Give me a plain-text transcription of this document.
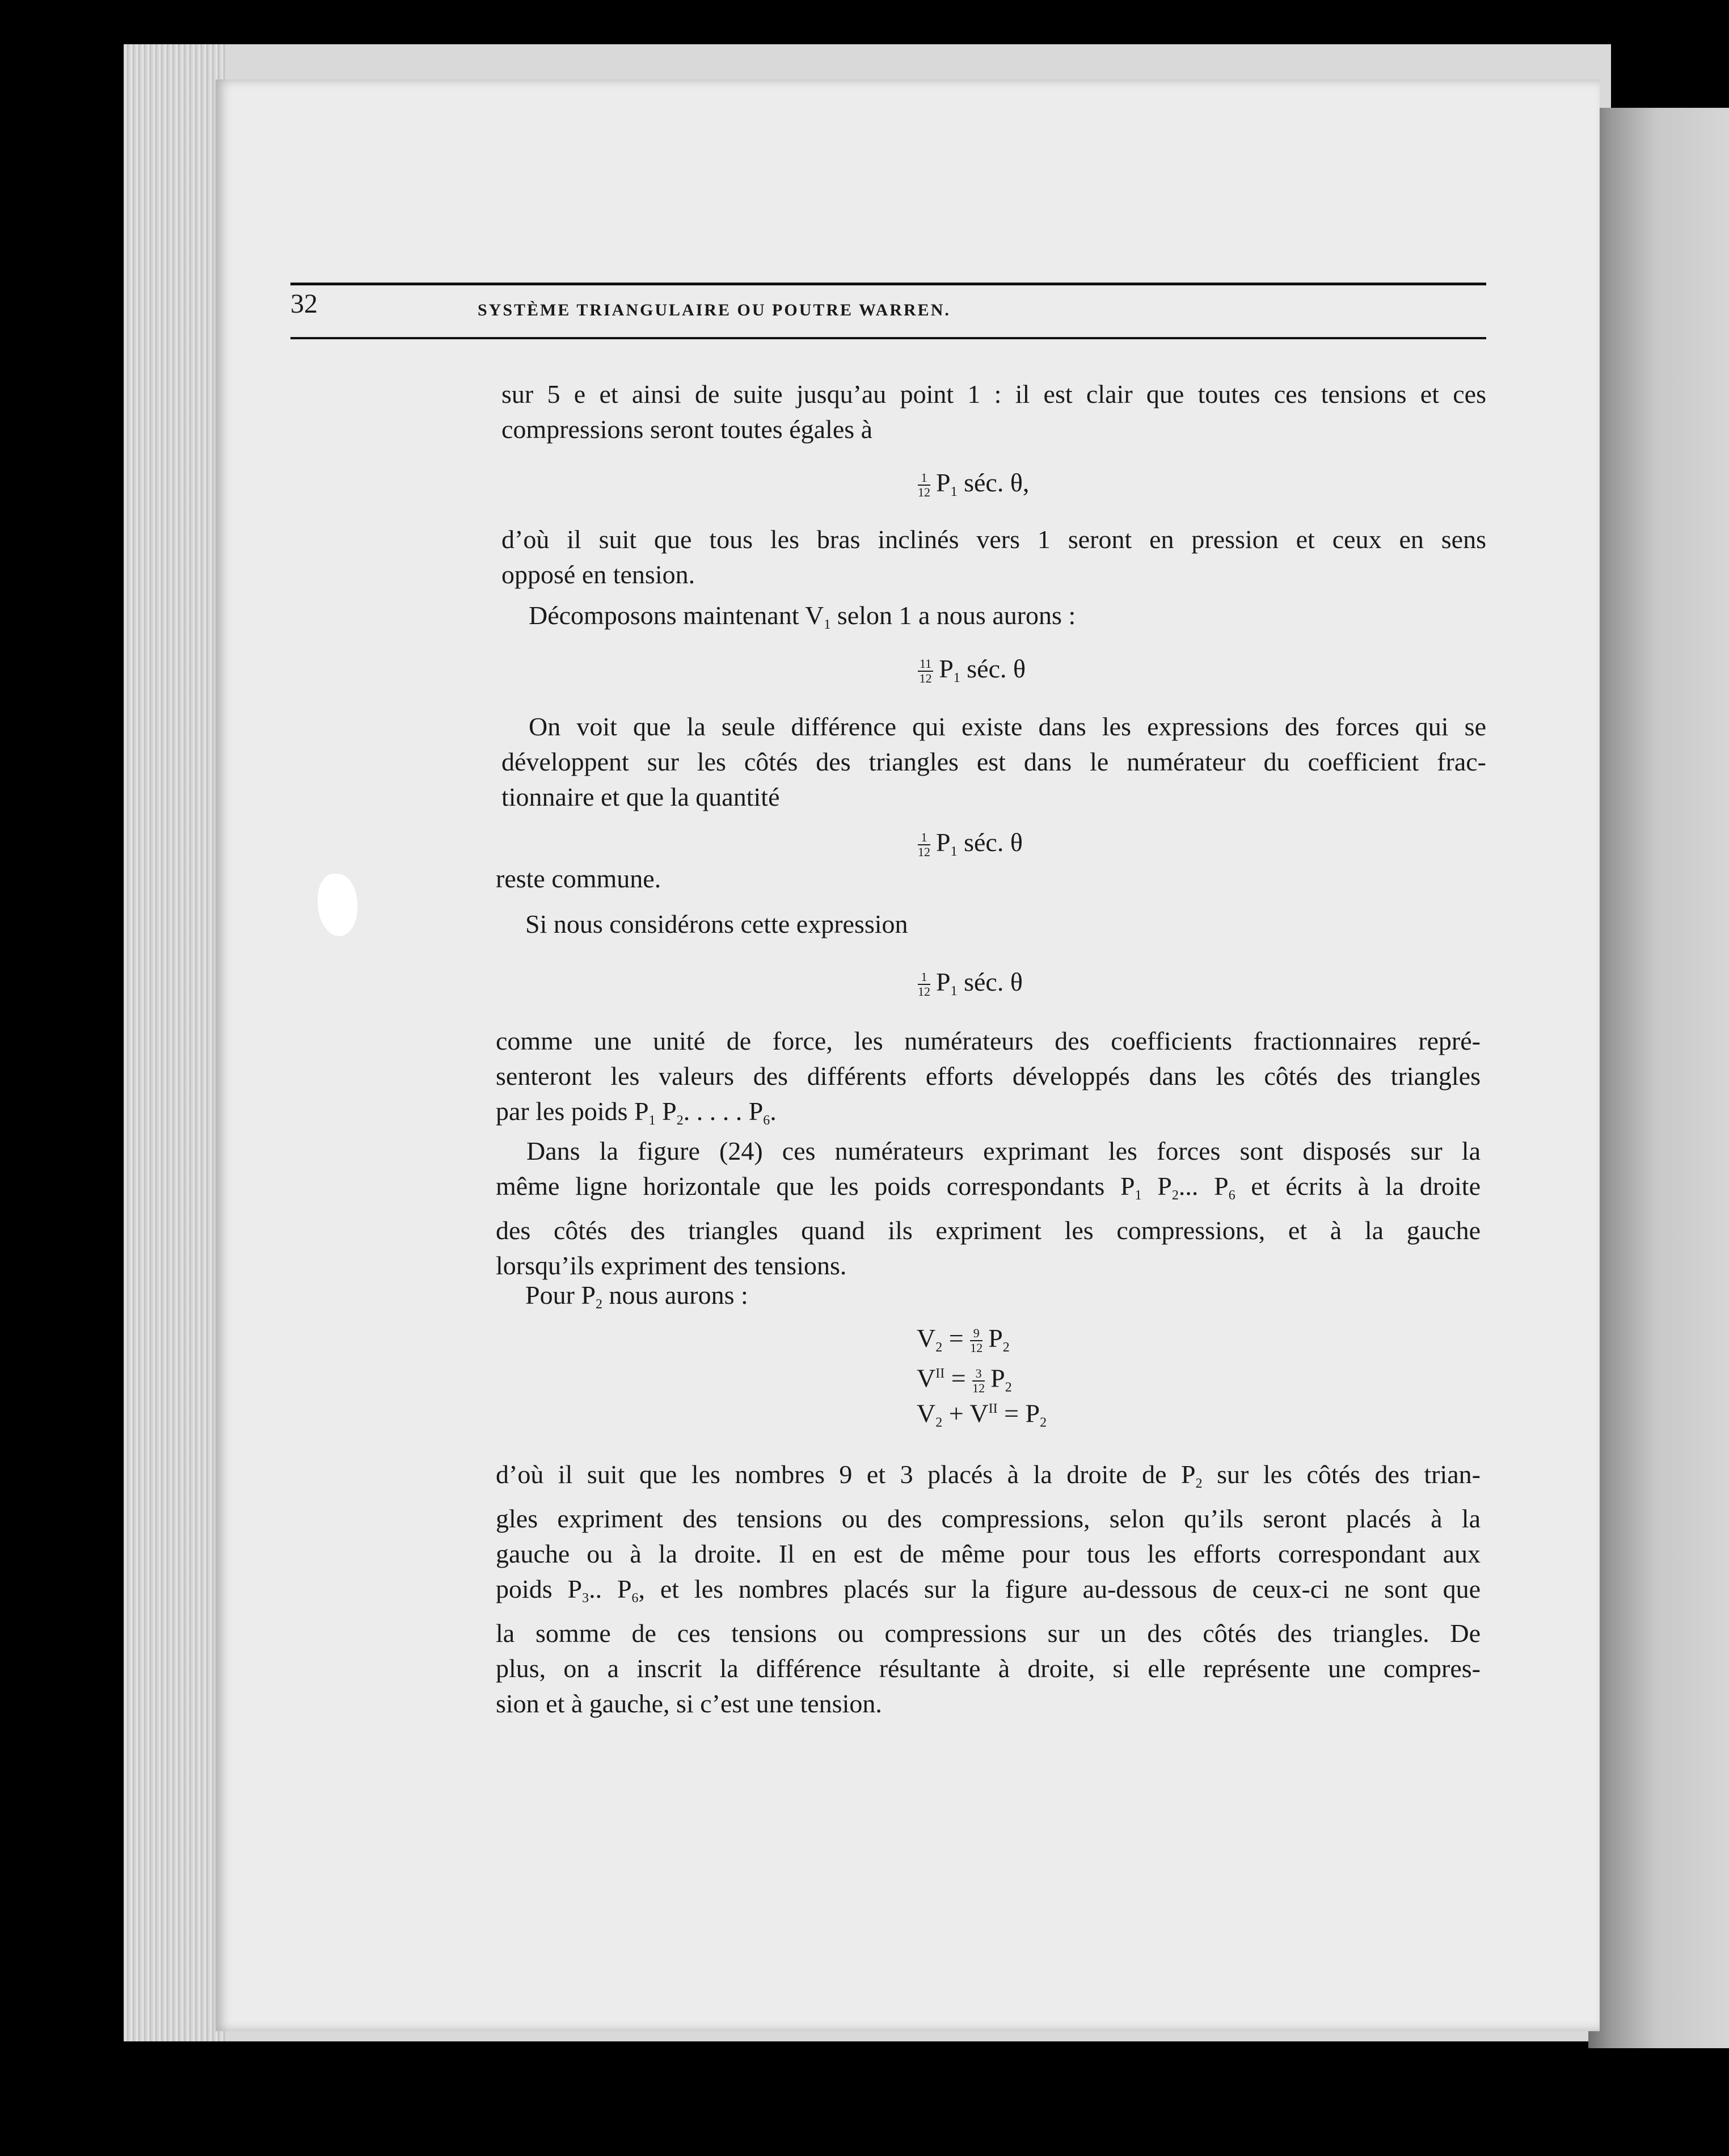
32	SYSTÈME TRIANGULAIRE OU POUTRE WARREN.
sur 5 e et ainsi de suite jusqu’au point 1 : il est clair que toutes ces tensions et ces
compressions seront toutes égales à
$\frac{1}{12} P_1$ séc. θ,
d’où il suit que tous les bras inclinés vers 1 seront en pression et ceux en sens
opposé en tension.
Décomposons maintenant $V_1$ selon 1 a nous aurons :
$\frac{11}{12} P_1$ séc. θ
On voit que la seule différence qui existe dans les expressions des forces qui se
développent sur les côtés des triangles est dans le numérateur du coefficient frac-
tionnaire et que la quantité
$\frac{1}{12} P_1$ séc. θ
reste commune.
Si nous considérons cette expression
$\frac{1}{12} P_1$ séc. θ
comme une unité de force, les numérateurs des coefficients fractionnaires repré-
senteront les valeurs des différents efforts développés dans les côtés des triangles
par les poids $P_1$ $P_2$. . . . . $P_6$.
Dans la figure (24) ces numérateurs exprimant les forces sont disposés sur la
même ligne horizontale que les poids correspondants $P_1$ $P_2$... $P_6$ et écrits à la droite
des côtés des triangles quand ils expriment les compressions, et à la gauche
lorsqu’ils expriment des tensions.
Pour $P_2$ nous aurons :
$V_2 = \frac{9}{12} P_2$
$V^{II} = \frac{3}{12} P_2$
$V_2 + V^{II} = P_2$
d’où il suit que les nombres 9 et 3 placés à la droite de $P_2$ sur les côtés des trian-
gles expriment des tensions ou des compressions, selon qu’ils seront placés à la
gauche ou à la droite. Il en est de même pour tous les efforts correspondant aux
poids $P_3$.. $P_6$, et les nombres placés sur la figure au-dessous de ceux-ci ne sont que
la somme de ces tensions ou compressions sur un des côtés des triangles. De
plus, on a inscrit la différence résultante à droite, si elle représente une compres-
sion et à gauche, si c’est une tension.
